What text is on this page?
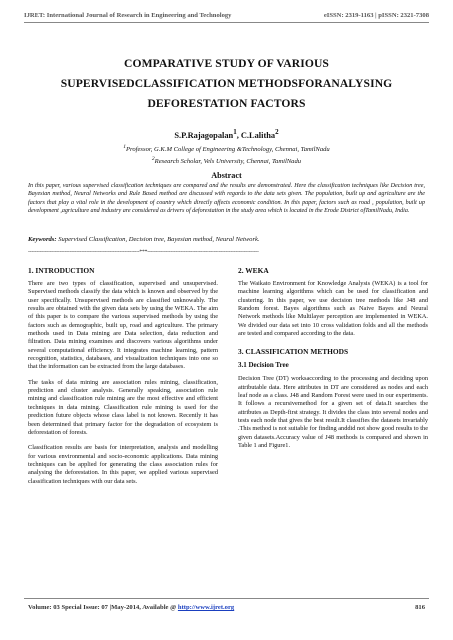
IJRET: International Journal of Research in Engineering and Technology	eISSN: 2319-1163 | pISSN: 2321-7308
COMPARATIVE STUDY OF VARIOUS
SUPERVISEDCLASSIFICATION METHODSFORANALYSING
DEFORESTATION FACTORS
S.P.Rajagopalan$^1$, C.Lalitha$^2$
$^1$Professor, G.K.M College of Engineering &Technology, Chennai, TamilNadu
$^2$Research Scholar, Vels University, Chennai, TamilNadu
Abstract
In this paper, various supervised classification techniques are compared and the results are demonstrated. Here the classification techniques like Decision tree, Bayesian method, Neural Networks and Rule Based method are discussed with regards to the data sets given. The population, built up and agriculture are the factors that play a vital role in the development of country which directly affects economic condition. In this paper, factors such as road , population, built up development ,agriculture and industry are considered as drivers of deforestation in the study area which is located in the Erode District ofTamilNadu, India.
Keywords: Supervised Classification, Decision tree, Bayesian method, Neural Network.
-------------------------------------------------------------------***-------------------------------------------------------------------
1. INTRODUCTION

There are two types of classification, supervised and unsupervised. Supervised methods classify the data which is known and observed by the user specifically. Unsupervised methods are classified unknowably. The results are obtained with the given data sets by using the WEKA. The aim of this paper is to compare the various supervised methods by using the factors such as demographic, built up, road and agriculture. The primary methods used in Data mining are Data selection, data reduction and filtration. Data mining examines and discovers various algorithms under several computational efficiency. It integrates machine learning, pattern recognition, statistics, databases, and visualization techniques into one so that the information can be extracted from the large databases.

The tasks of data mining are association rules mining, classification, prediction and cluster analysis. Generally speaking, association rule mining and classification rule mining are the most effective and efficient techniques in data mining. Classification rule mining is used for the prediction future objects whose class label is not known. Recently it has been determined that primary factor for the degradation of ecosystem is deforestation of forests.

Classification results are basis for interpretation, analysis and modelling for various environmental and socio-economic applications. Data mining techniques can be applied for generating the class association rules for analysing the deforestation. In this paper, we applied various supervised classification techniques with our data sets.

2. WEKA

The Waikato Environment for Knowledge Analysis (WEKA) is a tool for machine learning algorithms which can be used for classification and clustering. In this paper, we use decision tree methods like J48 and Random forest. Bayes algorithms such as Naive Bayes and Neural Network methods like Multilayer perception are implemented in WEKA. We divided our data set into 10 cross validation folds and all the methods are tested and compared according to the data.

3. CLASSIFICATION METHODS
3.1 Decision Tree

Decision Tree (DT) worksaccording to the processing and deciding upon attributable data. Here attributes in DT are considered as nodes and each leaf node as a class. J48 and Random Forest were used in our experiments. It follows a recursivemethod for a given set of data.It searches the attributes as Depth-first strategy. It divides the class into several nodes and tests each node that gives the best result.It classifies the datasets invariably .This method is not suitable for finding anddid not show good results to the given datasets.Accuracy value of J48 methods is compared and shown in Table 1 and Figure1.

Volume: 03 Special Issue: 07 |May-2014, Available @ http://www.ijret.org	816
